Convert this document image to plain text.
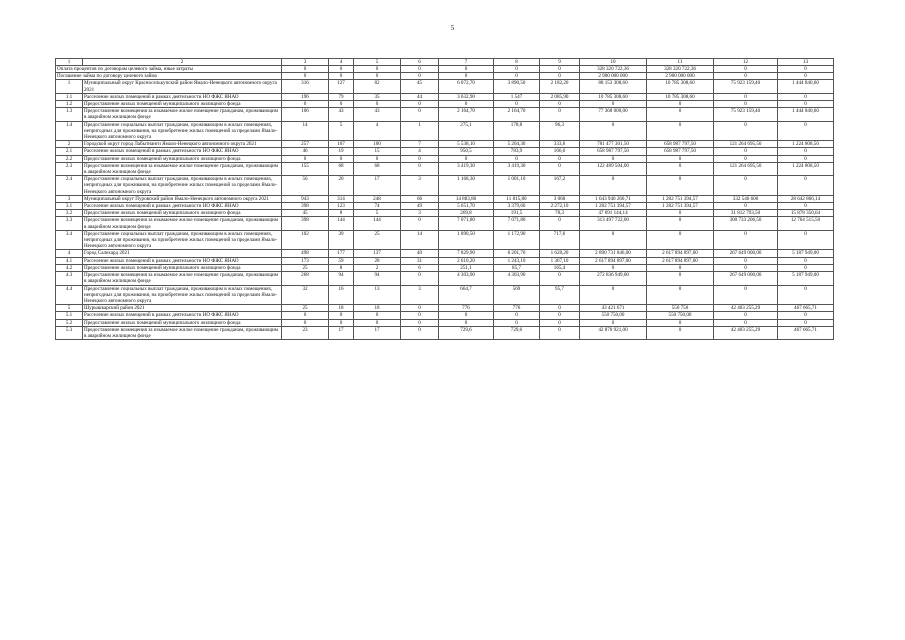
5
1	2	3	4	5	6	7	8	9	10	11	12	13
Оплата процентов по договорам целевого займа, иные затраты		0	0	0	0	0	0	0	328 320 722,36	328 320 722,36	0	0
Погашение займа по договору целевого займа		0	0	0	0	0	0	0	2 900 000 000	2 900 000 000	0	0
1	Муниципальный округ Красноселькупский район Ямало-Ненецкого автономного округа 2021	316	127	82	45	6 072,70	3 890,50	2 182,20	88 153 308,60	10 785 308,60	75 923 159,40	1 444 840,60
1.1	Расселение жилых помещений в рамках деятельности НО ФЖС ЯНАО	196	79	35	44	3 632,90	1 547	2 085,90	10 785 308,60	10 785 308,60	0	0
1.2	Предоставление жилых помещений муниципального жилищного фонда	0	0	0	0	0	0	0	0	0	0	0
1.3	Предоставление возмещения за изымаемое жилое помещение гражданам, проживающим в аварийном жилищном фонде	106	43	43	0	2 164,70	2 164,70	0	77 368 000,00	0	75 923 159,40	1 444 840,60
1.4	Предоставление социальных выплат гражданам, проживающим в жилых помещениях, непригодных для проживания, на приобретение жилых помещений за пределами Ямало-Ненецкого автономного округа	14	5	4	1	275,1	178,8	96,3	0	0	0	0
2	Городской округ город Лабытнанги Ямало-Ненецкого автономного округа 2021	257	107	100	7	5 538,10	5 204,30	333,8	781 477 301,50	658 987 797,50	121 264 695,50	1 224 808,50
2.1	Расселение жилых помещений в рамках деятельности НО ФЖС ЯНАО	46	19	15	4	950,5	783,9	166,6	658 987 797,50	658 987 797,50	0	0
2.2	Предоставление жилых помещений муниципального жилищного фонда	0	0	0	0	0	0	0	0	0	0	0
2.3	Предоставление возмещения за изымаемое жилое помещение гражданам, проживающим в аварийном жилищном фонде	155	68	68	0	3 419,30	3 419,30	0	122 489 504,00	0	121 264 695,50	1 224 808,50
2.4	Предоставление социальных выплат гражданам, проживающим в жилых помещениях, непригодных для проживания, на приобретение жилых помещений за пределами Ямало-Ненецкого автономного округа	56	20	17	3	1 168,30	1 001,10	167,2	0	0	0	0
3	Муниципальный округ Пуровский район Ямало-Ненецкого автономного округа 2021	943	314	248	66	14 883,80	11 815,80	3 068	1 643 940 260,71	1 282 751 394,57	332 546 600	28 642 866,14
3.1	Расселение жилых помещений в рамках деятельности НО ФЖС ЯНАО	398	123	74	49	5 651,70	3 379,60	2 272,10	1 282 751 394,57	1 282 751 394,57	0	0
3.2	Предоставление жилых помещений муниципального жилищного фонда	45	8	5	3	269,8	191,5	78,3	47 691 144,14	0	31 812 793,50	15 878 350,64
3.3	Предоставление возмещения за изымаемое жилое помещение гражданам, проживающим в аварийном жилищном фонде	398	144	144	0	7 071,80	7 071,80	0	313 497 722,00	0	300 733 206,50	12 764 515,50
3.4	Предоставление социальных выплат гражданам, проживающим в жилых помещениях, непригодных для проживания, на приобретение жилых помещений за пределами Ямало-Ненецкого автономного округа	102	39	25	14	1 890,50	1 172,90	717,6	0	0	0	0
4	Город Салехард 2021	498	177	137	40	7 829,90	6 201,70	1 628,20	2 890 731 846,00	2 617 894 897,00	267 649 000,00	5 187 949,00
4.1	Расселение жилых помещений в рамках деятельности НО ФЖС ЯНАО	173	59	28	31	2 610,20	1 243,10	1 367,10	2 617 894 897,00	2 617 894 897,00	0	0
4.2	Предоставление жилых помещений муниципального жилищного фонда	25	8	2	6	251,1	85,7	165,4	0	0	0	0
4.3	Предоставление возмещения за изымаемое жилое помещение гражданам, проживающим в аварийном жилищном фонде	268	94	94	0	4 303,90	4 303,90	0	272 836 949,00	0	267 649 000,00	5 187 949,00
4.4	Предоставление социальных выплат гражданам, проживающим в жилых помещениях, непригодных для проживания, на приобретение жилых помещений за пределами Ямало-Ненецкого автономного округа	32	16	13	3	664,7	569	95,7	0	0	0	0
5	Шурышкарский район 2021	25	18	18	0	776	776	0	43 421 671	550 750	42 403 255,29	467 665,71
5.1	Расселение жилых помещений в рамках деятельности НО ФЖС ЯНАО	0	0	0	0	0	0	0	550 750,00	550 750,00	0	0
5.2	Предоставление жилых помещений муниципального жилищного фонда	0	0	0	0	0	0	0	0	0	0	0
5.3	Предоставление возмещения за изымаемое жилое помещение гражданам, проживающим в аварийном жилищном фонде	23	17	17	0	729,6	729,6	0	42 870 921,00	0	42 403 255,29	467 665,71
